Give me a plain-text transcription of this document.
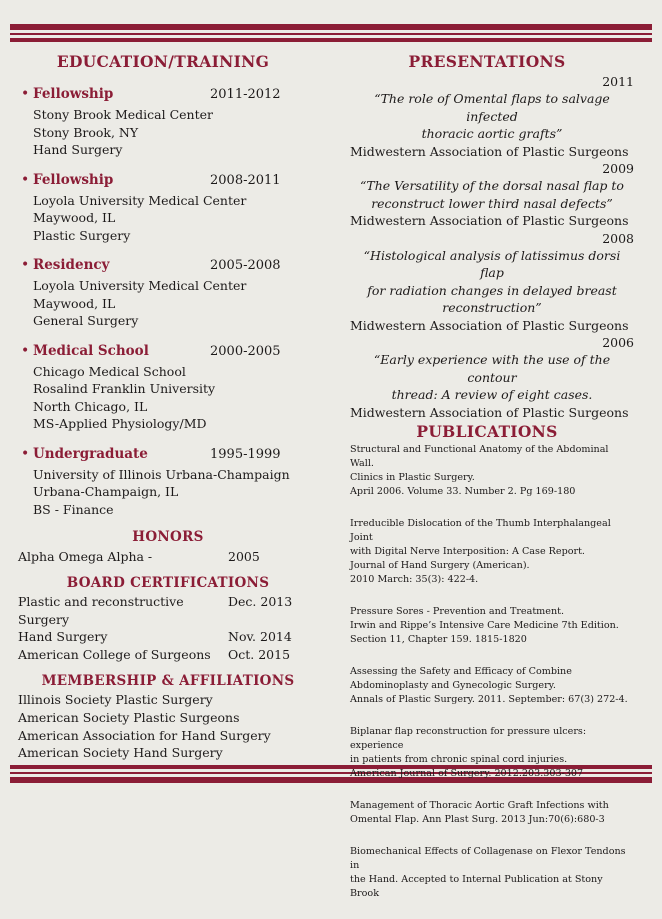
EDUCATION/TRAINING
• Fellowship	2011-2012
Stony Brook Medical Center
Stony Brook, NY
Hand Surgery
• Fellowship	2008-2011
Loyola University Medical Center
Maywood, IL
Plastic Surgery
• Residency	2005-2008
Loyola University Medical Center
Maywood, IL
General Surgery
• Medical School	2000-2005
Chicago Medical School
Rosalind Franklin University
North Chicago, IL
MS-Applied Physiology/MD
• Undergraduate	1995-1999
University of Illinois Urbana-Champaign
Urbana-Champaign, IL
BS - Finance
HONORS
Alpha Omega Alpha -	2005
BOARD CERTIFICATIONS
Plastic and reconstructive Surgery
Dec. 2013
Hand Surgery	Nov. 2014
American College of Surgeons	Oct. 2015
MEMBERSHIP & AFFILIATIONS
Illinois Society Plastic Surgery
American Society Plastic Surgeons
American Association for Hand Surgery
American Society Hand Surgery
PRESENTATIONS
2011
“The role of Omental flaps to salvage infected
thoracic aortic grafts”
Midwestern Association of Plastic Surgeons
2009
“The Versatility of the dorsal nasal flap to
reconstruct lower third nasal defects”
Midwestern Association of Plastic Surgeons
2008
“Histological analysis of latissimus dorsi flap
for radiation changes in delayed breast
reconstruction”
Midwestern Association of Plastic Surgeons
2006
“Early experience with the use of the contour
thread: A review of eight cases.
Midwestern Association of Plastic Surgeons
PUBLICATIONS
Structural and Functional Anatomy of the Abdominal Wall.
Clinics in Plastic Surgery.
April 2006. Volume 33. Number 2. Pg 169-180
Irreducible Dislocation of the Thumb Interphalangeal Joint
with Digital Nerve Interposition: A Case Report.
Journal of Hand Surgery (American).
2010 March: 35(3): 422-4.
Pressure Sores - Prevention and Treatment.
Irwin and Rippe’s Intensive Care Medicine 7th Edition.
Section 11, Chapter 159. 1815-1820
Assessing the Safety and Efficacy of Combine
Abdominoplasty and Gynecologic Surgery.
Annals of Plastic Surgery. 2011. September: 67(3) 272-4.
Biplanar flap reconstruction for pressure ulcers: experience
in patients from chronic spinal cord injuries.
American Journal of Surgery. 2012.203.303-307
Management of Thoracic Aortic Graft Infections with
Omental Flap. Ann Plast Surg. 2013 Jun:70(6):680-3
Biomechanical Effects of Collagenase on Flexor Tendons in
the Hand. Accepted to Internal Publication at Stony Brook
